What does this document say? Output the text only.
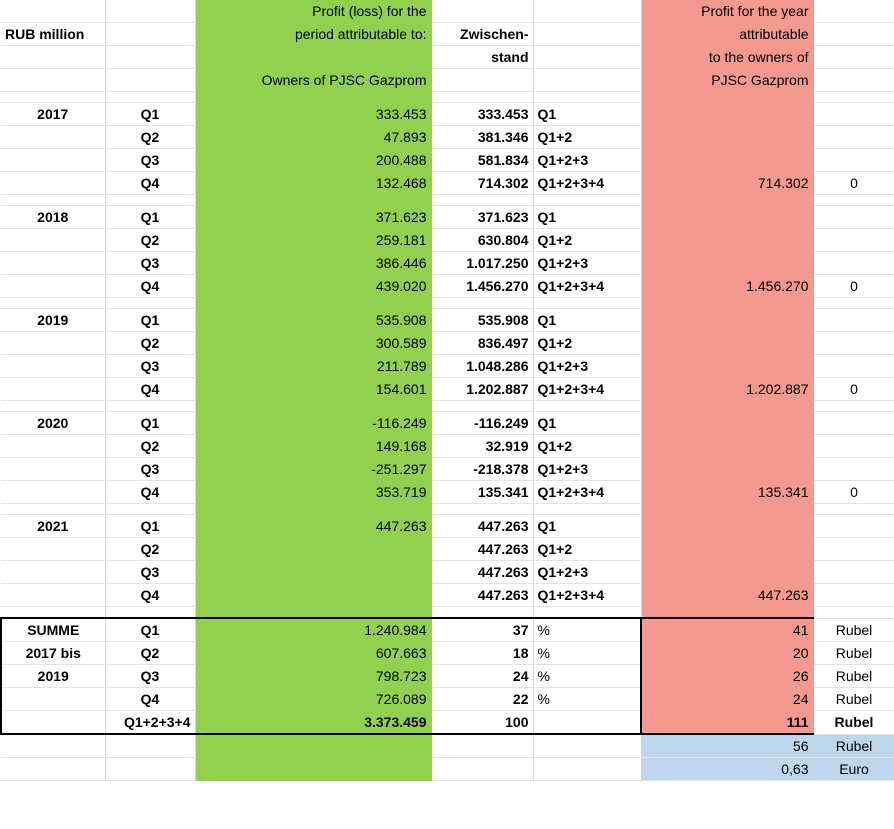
		Profit (loss) for the			Profit for the year	
RUB million		period attributable to:	Zwischen-		attributable	
			stand		to the owners of	
		Owners of PJSC Gazprom			PJSC Gazprom	

2017	Q1	333.453	333.453	Q1		
	Q2	47.893	381.346	Q1+2		
	Q3	200.488	581.834	Q1+2+3		
	Q4	132.468	714.302	Q1+2+3+4	714.302	0

2018	Q1	371.623	371.623	Q1		
	Q2	259.181	630.804	Q1+2		
	Q3	386.446	1.017.250	Q1+2+3		
	Q4	439.020	1.456.270	Q1+2+3+4	1.456.270	0

2019	Q1	535.908	535.908	Q1		
	Q2	300.589	836.497	Q1+2		
	Q3	211.789	1.048.286	Q1+2+3		
	Q4	154.601	1.202.887	Q1+2+3+4	1.202.887	0

2020	Q1	-116.249	-116.249	Q1		
	Q2	149.168	32.919	Q1+2		
	Q3	-251.297	-218.378	Q1+2+3		
	Q4	353.719	135.341	Q1+2+3+4	135.341	0

2021	Q1	447.263	447.263	Q1		
	Q2		447.263	Q1+2		
	Q3		447.263	Q1+2+3		
	Q4		447.263	Q1+2+3+4	447.263	

SUMME	Q1	1.240.984	37	%	41	Rubel
2017 bis	Q2	607.663	18	%	20	Rubel
2019	Q3	798.723	24	%	26	Rubel
	Q4	726.089	22	%	24	Rubel
	Q1+2+3+4	3.373.459	100		111	Rubel
					56	Rubel
					0,63	Euro
